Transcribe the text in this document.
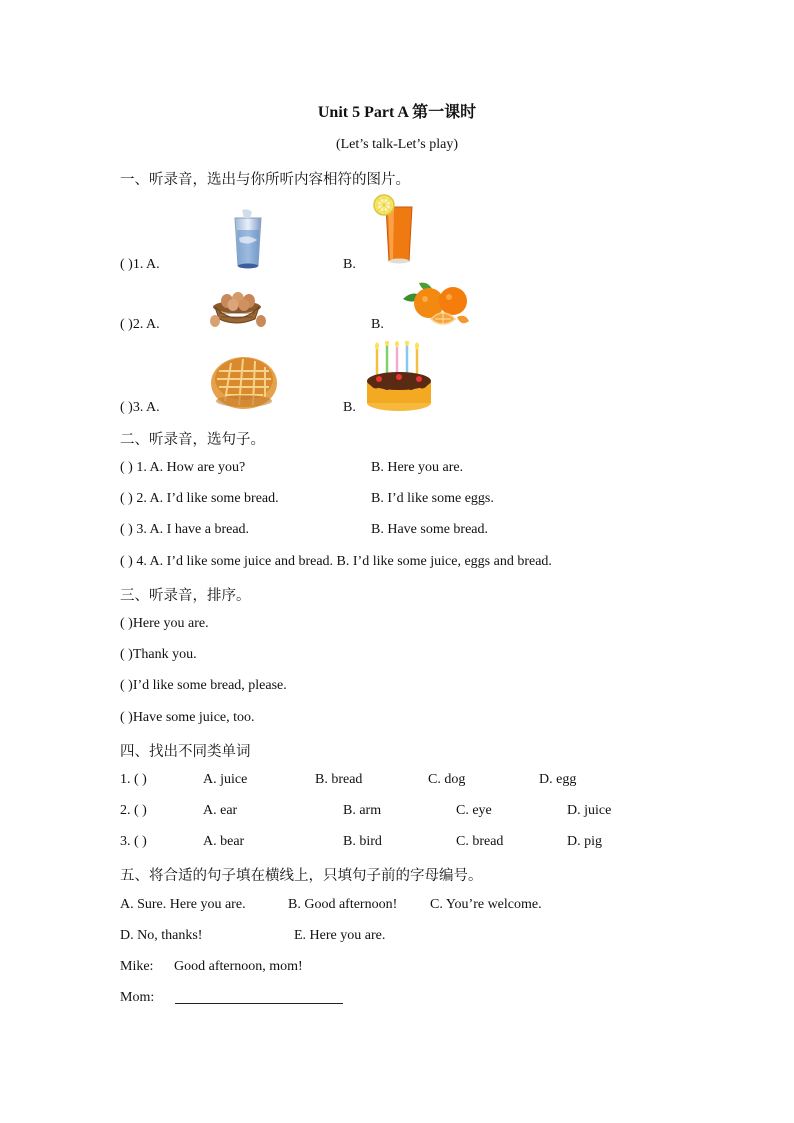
Unit 5 Part A 第一课时
(Let’s talk-Let’s play)
一、听录音，选出与你所听内容相符的图片。
( )1. A.	B.
( )2. A.	B.
( )3. A.	B.
二、听录音，选句子。
( ) 1. A. How are you?	B. Here you are.
( ) 2. A. I’d like some bread.	B. I’d like some eggs.
( ) 3. A. I have a bread.	B. Have some bread.
( ) 4. A. I’d like some juice and bread. B. I’d like some juice, eggs and bread.
三、听录音，排序。
( )Here you are.
( )Thank you.
( )I’d like some bread, please.
( )Have some juice, too.
四、找出不同类单词
1. ( )	A. juice	B. bread	C. dog	D. egg
2. ( )	A. ear	B. arm	C. eye	D. juice
3. ( )	A. bear	B. bird	C. bread	D. pig
五、将合适的句子填在横线上，只填句子前的字母编号。
A. Sure. Here you are.	B. Good afternoon! C. You’re welcome.
D. No, thanks!	E. Here you are.
Mike: Good afternoon, mom!
Mom:
